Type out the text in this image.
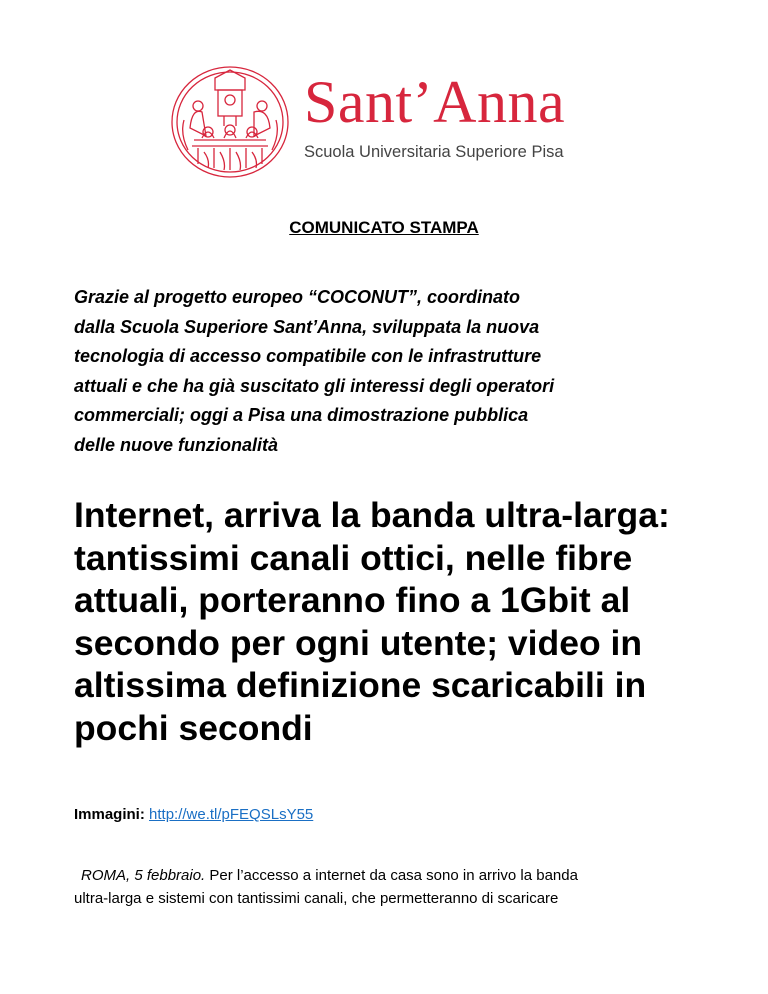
Sant’Anna
Scuola Universitaria Superiore Pisa
COMUNICATO STAMPA
Grazie al progetto europeo “COCONUT”, coordinato
dalla Scuola Superiore Sant’Anna, sviluppata la nuova
tecnologia di accesso compatibile con le infrastrutture
attuali e che ha già suscitato gli interessi degli operatori
commerciali; oggi a Pisa una dimostrazione pubblica
delle nuove funzionalità
Internet, arriva la banda ultra-larga:
tantissimi canali ottici, nelle fibre
attuali, porteranno fino a 1Gbit al
secondo per ogni utente; video in
altissima definizione scaricabili in
pochi secondi
Immagini: http://we.tl/pFEQSLsY55
ROMA, 5 febbraio. Per l’accesso a internet da casa sono in arrivo la banda
ultra-larga e sistemi con tantissimi canali, che permetteranno di scaricare
